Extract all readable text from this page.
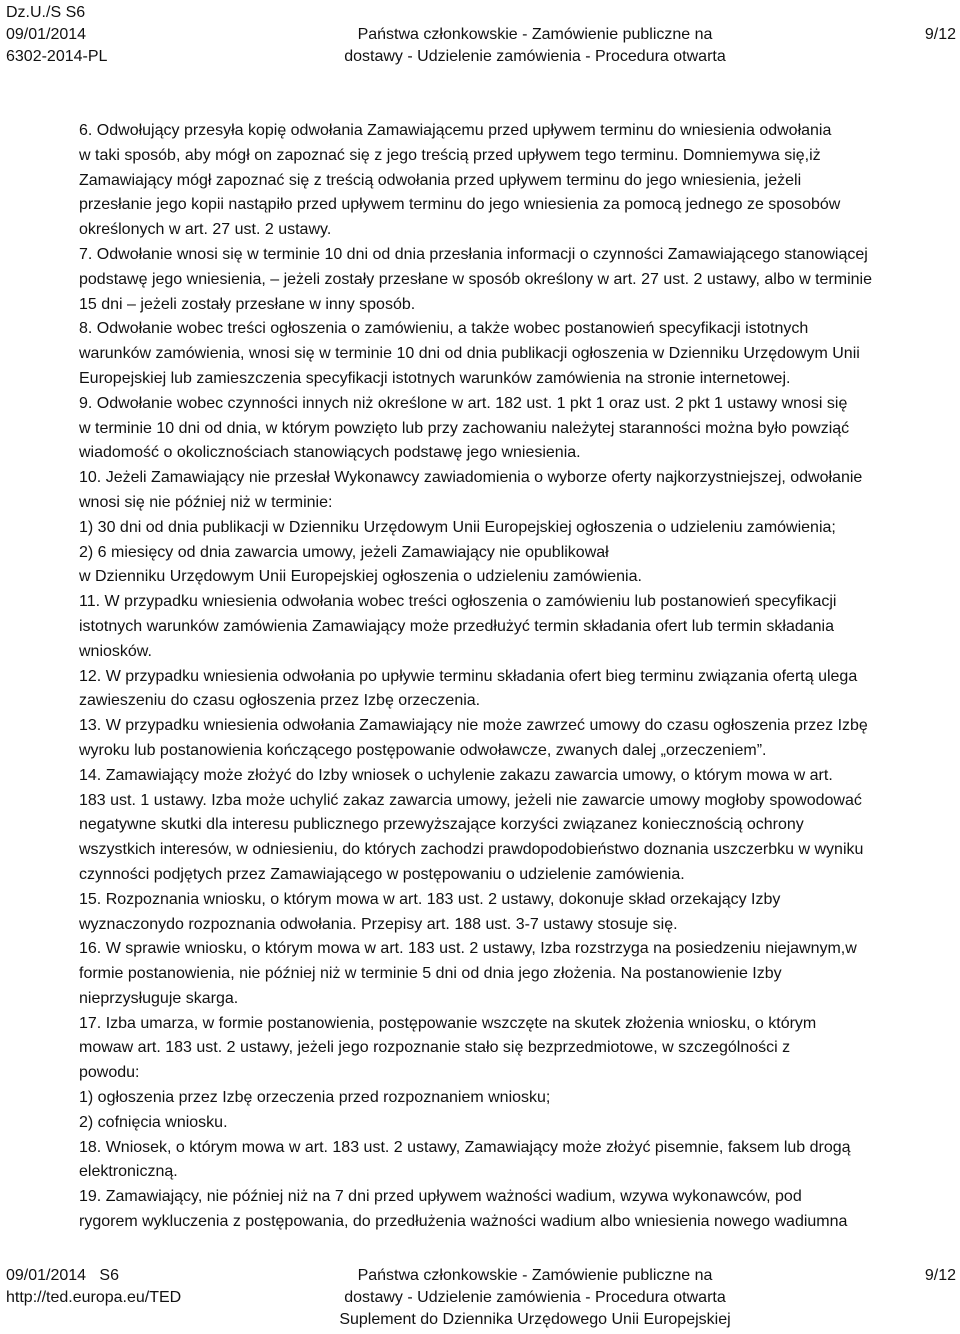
Dz.U./S S6
09/01/2014
6302-2014-PL
Państwa członkowskie - Zamówienie publiczne na
dostawy - Udzielenie zamówienia - Procedura otwarta
9/12

6. Odwołujący przesyła kopię odwołania Zamawiającemu przed upływem terminu do wniesienia odwołania
w taki sposób, aby mógł on zapoznać się z jego treścią przed upływem tego terminu. Domniemywa się,iż
Zamawiający mógł zapoznać się z treścią odwołania przed upływem terminu do jego wniesienia, jeżeli
przesłanie jego kopii nastąpiło przed upływem terminu do jego wniesienia za pomocą jednego ze sposobów
określonych w art. 27 ust. 2 ustawy.

7. Odwołanie wnosi się w terminie 10 dni od dnia przesłania informacji o czynności Zamawiającego stanowiącej
podstawę jego wniesienia, – jeżeli zostały przesłane w sposób określony w art. 27 ust. 2 ustawy, albo w terminie
15 dni – jeżeli zostały przesłane w inny sposób.

8. Odwołanie wobec treści ogłoszenia o zamówieniu, a także wobec postanowień specyfikacji istotnych
warunków zamówienia, wnosi się w terminie 10 dni od dnia publikacji ogłoszenia w Dzienniku Urzędowym Unii
Europejskiej lub zamieszczenia specyfikacji istotnych warunków zamówienia na stronie internetowej.

9. Odwołanie wobec czynności innych niż określone w art. 182 ust. 1 pkt 1 oraz ust. 2 pkt 1 ustawy wnosi się
w terminie 10 dni od dnia, w którym powzięto lub przy zachowaniu należytej staranności można było powziąć
wiadomość o okolicznościach stanowiących podstawę jego wniesienia.

10. Jeżeli Zamawiający nie przesłał Wykonawcy zawiadomienia o wyborze oferty najkorzystniejszej, odwołanie
wnosi się nie później niż w terminie:
1) 30 dni od dnia publikacji w Dzienniku Urzędowym Unii Europejskiej ogłoszenia o udzieleniu zamówienia;
2) 6 miesięcy od dnia zawarcia umowy, jeżeli Zamawiający nie opublikował
w Dzienniku Urzędowym Unii Europejskiej ogłoszenia o udzieleniu zamówienia.

11. W przypadku wniesienia odwołania wobec treści ogłoszenia o zamówieniu lub postanowień specyfikacji
istotnych warunków zamówienia Zamawiający może przedłużyć termin składania ofert lub termin składania
wniosków.

12. W przypadku wniesienia odwołania po upływie terminu składania ofert bieg terminu związania ofertą ulega
zawieszeniu do czasu ogłoszenia przez Izbę orzeczenia.

13. W przypadku wniesienia odwołania Zamawiający nie może zawrzeć umowy do czasu ogłoszenia przez Izbę
wyroku lub postanowienia kończącego postępowanie odwoławcze, zwanych dalej „orzeczeniem”.

14. Zamawiający może złożyć do Izby wniosek o uchylenie zakazu zawarcia umowy, o którym mowa w art.
183 ust. 1 ustawy. Izba może uchylić zakaz zawarcia umowy, jeżeli nie zawarcie umowy mogłoby spowodować
negatywne skutki dla interesu publicznego przewyższające korzyści związanez koniecznością ochrony
wszystkich interesów, w odniesieniu, do których zachodzi prawdopodobieństwo doznania uszczerbku w wyniku
czynności podjętych przez Zamawiającego w postępowaniu o udzielenie zamówienia.

15. Rozpoznania wniosku, o którym mowa w art. 183 ust. 2 ustawy, dokonuje skład orzekający Izby
wyznaczonydo rozpoznania odwołania. Przepisy art. 188 ust. 3-7 ustawy stosuje się.

16. W sprawie wniosku, o którym mowa w art. 183 ust. 2 ustawy, Izba rozstrzyga na posiedzeniu niejawnym,w
formie postanowienia, nie później niż w terminie 5 dni od dnia jego złożenia. Na postanowienie Izby
nieprzysługuje skarga.

17. Izba umarza, w formie postanowienia, postępowanie wszczęte na skutek złożenia wniosku, o którym
mowaw art. 183 ust. 2 ustawy, jeżeli jego rozpoznanie stało się bezprzedmiotowe, w szczególności z
powodu:
1) ogłoszenia przez Izbę orzeczenia przed rozpoznaniem wniosku;
2) cofnięcia wniosku.

18. Wniosek, o którym mowa w art. 183 ust. 2 ustawy, Zamawiający może złożyć pisemnie, faksem lub drogą
elektroniczną.

19. Zamawiający, nie później niż na 7 dni przed upływem ważności wadium, wzywa wykonawców, pod
rygorem wykluczenia z postępowania, do przedłużenia ważności wadium albo wniesienia nowego wadiumna

09/01/2014   S6
http://ted.europa.eu/TED
Państwa członkowskie - Zamówienie publiczne na
dostawy - Udzielenie zamówienia - Procedura otwarta
Suplement do Dziennika Urzędowego Unii Europejskiej
9/12
